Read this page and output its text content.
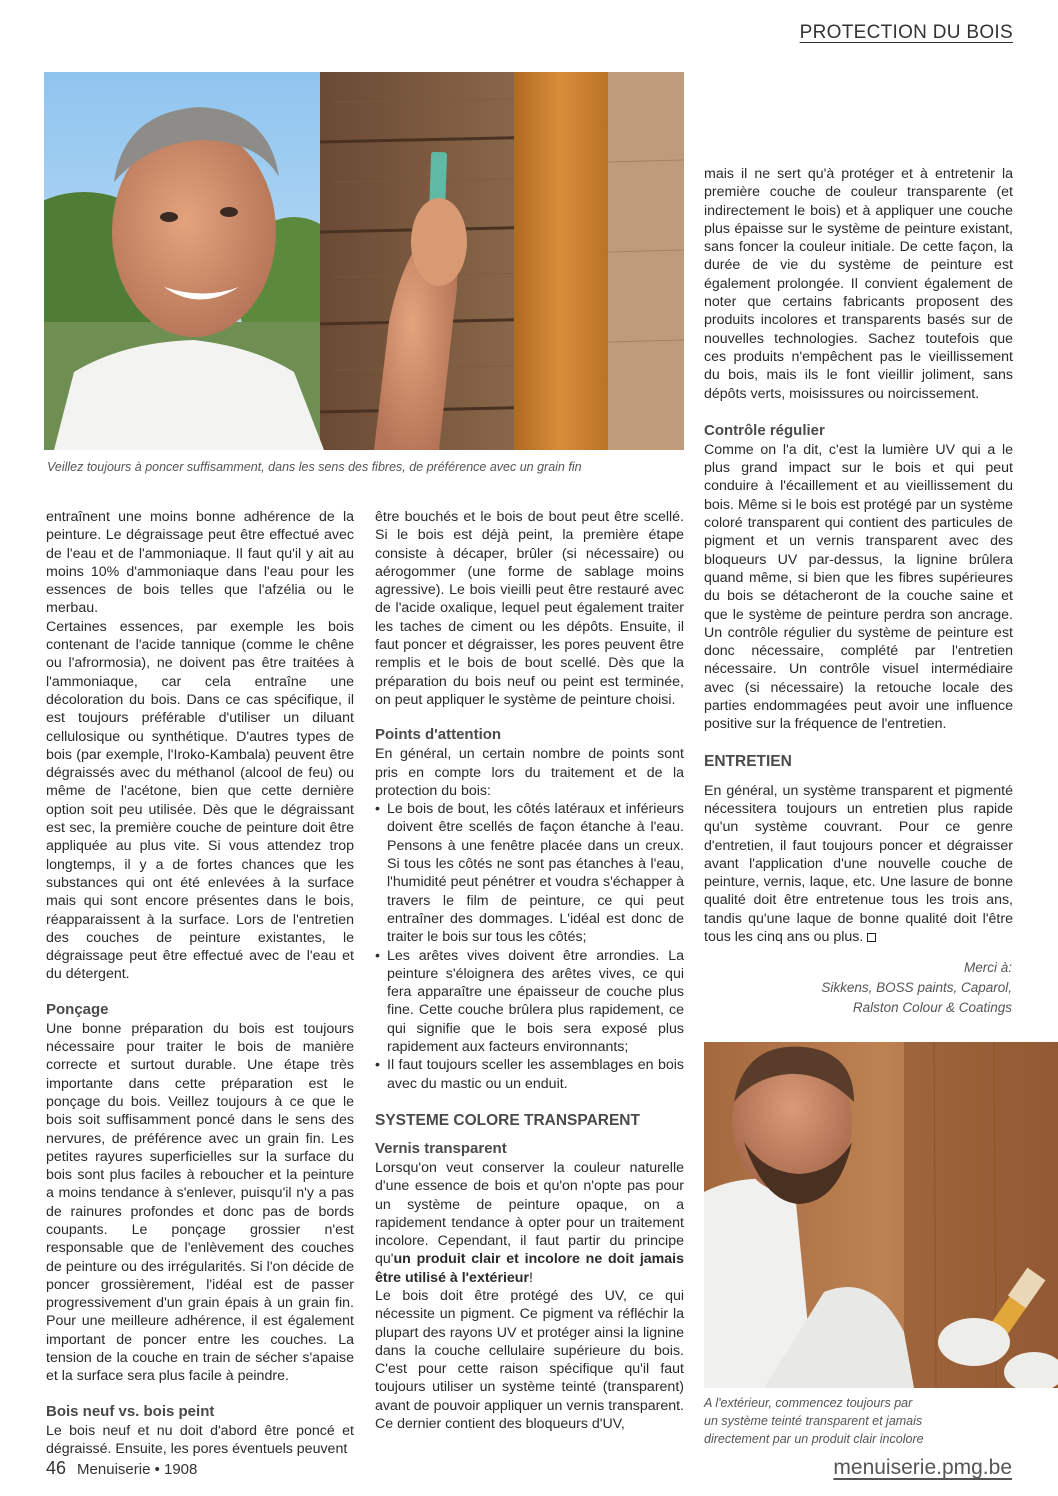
PROTECTION DU BOIS
Veillez toujours à poncer suffisamment, dans les sens des fibres, de préférence avec un grain fin

entraînent une moins bonne adhérence de la peinture. Le dégraissage peut être effectué avec de l'eau et de l'ammoniaque. Il faut qu'il y ait au moins 10% d'ammoniaque dans l'eau pour les essences de bois telles que l'afzélia ou le merbau.

Certaines essences, par exemple les bois contenant de l'acide tannique (comme le chêne ou l'afrormosia), ne doivent pas être traitées à l'ammoniaque, car cela entraîne une décoloration du bois. Dans ce cas spécifique, il est toujours préférable d'utiliser un diluant cellulosique ou synthétique. D'autres types de bois (par exemple, l'Iroko-Kambala) peuvent être dégraissés avec du méthanol (alcool de feu) ou même de l'acétone, bien que cette dernière option soit peu utilisée. Dès que le dégraissant est sec, la première couche de peinture doit être appliquée au plus vite. Si vous attendez trop longtemps, il y a de fortes chances que les substances qui ont été enlevées à la surface mais qui sont encore présentes dans le bois, réapparaissent à la surface. Lors de l'entretien des couches de peinture existantes, le dégraissage peut être effectué avec de l'eau et du détergent.

Ponçage

Une bonne préparation du bois est toujours nécessaire pour traiter le bois de manière correcte et surtout durable. Une étape très importante dans cette préparation est le ponçage du bois. Veillez toujours à ce que le bois soit suffisamment poncé dans le sens des nervures, de préférence avec un grain fin. Les petites rayures superficielles sur la surface du bois sont plus faciles à reboucher et la peinture a moins tendance à s'enlever, puisqu'il n'y a pas de rainures profondes et donc pas de bords coupants. Le ponçage grossier n'est responsable que de l'enlèvement des couches de peinture ou des irrégularités. Si l'on décide de poncer grossièrement, l'idéal est de passer progressivement d'un grain épais à un grain fin. Pour une meilleure adhérence, il est également important de poncer entre les couches. La tension de la couche en train de sécher s'apaise et la surface sera plus facile à peindre.

Bois neuf vs. bois peint

Le bois neuf et nu doit d'abord être poncé et dégraissé. Ensuite, les pores éventuels peuvent

être bouchés et le bois de bout peut être scellé. Si le bois est déjà peint, la première étape consiste à décaper, brûler (si nécessaire) ou aérogommer (une forme de sablage moins agressive). Le bois vieilli peut être restauré avec de l'acide oxalique, lequel peut également traiter les taches de ciment ou les dépôts. Ensuite, il faut poncer et dégraisser, les pores peuvent être remplis et le bois de bout scellé. Dès que la préparation du bois neuf ou peint est terminée, on peut appliquer le système de peinture choisi.

Points d'attention

En général, un certain nombre de points sont pris en compte lors du traitement et de la protection du bois:

• Le bois de bout, les côtés latéraux et inférieurs doivent être scellés de façon étanche à l'eau. Pensons à une fenêtre placée dans un creux. Si tous les côtés ne sont pas étanches à l'eau, l'humidité peut pénétrer et voudra s'échapper à travers le film de peinture, ce qui peut entraîner des dommages. L'idéal est donc de traiter le bois sur tous les côtés;
• Les arêtes vives doivent être arrondies. La peinture s'éloignera des arêtes vives, ce qui fera apparaître une épaisseur de couche plus fine. Cette couche brûlera plus rapidement, ce qui signifie que le bois sera exposé plus rapidement aux facteurs environnants;
• Il faut toujours sceller les assemblages en bois avec du mastic ou un enduit.
SYSTEME COLORE TRANSPARENT
Vernis transparent

Lorsqu'on veut conserver la couleur naturelle d'une essence de bois et qu'on n'opte pas pour un système de peinture opaque, on a rapidement tendance à opter pour un traitement incolore. Cependant, il faut partir du principe qu'un produit clair et incolore ne doit jamais être utilisé à l'extérieur!

Le bois doit être protégé des UV, ce qui nécessite un pigment. Ce pigment va réfléchir la plupart des rayons UV et protéger ainsi la lignine dans la couche cellulaire supérieure du bois. C'est pour cette raison spécifique qu'il faut toujours utiliser un système teinté (transparent) avant de pouvoir appliquer un vernis transparent. Ce dernier contient des bloqueurs d'UV,

mais il ne sert qu'à protéger et à entretenir la première couche de couleur transparente (et indirectement le bois) et à appliquer une couche plus épaisse sur le système de peinture existant, sans foncer la couleur initiale. De cette façon, la durée de vie du système de peinture est également prolongée. Il convient également de noter que certains fabricants proposent des produits incolores et transparents basés sur de nouvelles technologies. Sachez toutefois que ces produits n'empêchent pas le vieillissement du bois, mais ils le font vieillir joliment, sans dépôts verts, moisissures ou noircissement.

Contrôle régulier

Comme on l'a dit, c'est la lumière UV qui a le plus grand impact sur le bois et qui peut conduire à l'écaillement et au vieillissement du bois. Même si le bois est protégé par un système coloré transparent qui contient des particules de pigment et un vernis transparent avec des bloqueurs UV par-dessus, la lignine brûlera quand même, si bien que les fibres supérieures du bois se détacheront de la couche saine et que le système de peinture perdra son ancrage. Un contrôle régulier du système de peinture est donc nécessaire, complété par l'entretien nécessaire. Un contrôle visuel intermédiaire avec (si nécessaire) la retouche locale des parties endommagées peut avoir une influence positive sur la fréquence de l'entretien.

ENTRETIEN

En général, un système transparent et pigmenté nécessitera toujours un entretien plus rapide qu'un système couvrant. Pour ce genre d'entretien, il faut toujours poncer et dégraisser avant l'application d'une nouvelle couche de peinture, vernis, laque, etc. Une lasure de bonne qualité doit être entretenue tous les trois ans, tandis qu'une laque de bonne qualité doit l'être tous les cinq ans ou plus.

Merci à:
Sikkens, BOSS paints, Caparol,
Ralston Colour & Coatings
A l'extérieur, commencez toujours par
un système teinté transparent et jamais
directement par un produit clair incolore
46 Menuiserie • 1908	menuiserie.pmg.be
